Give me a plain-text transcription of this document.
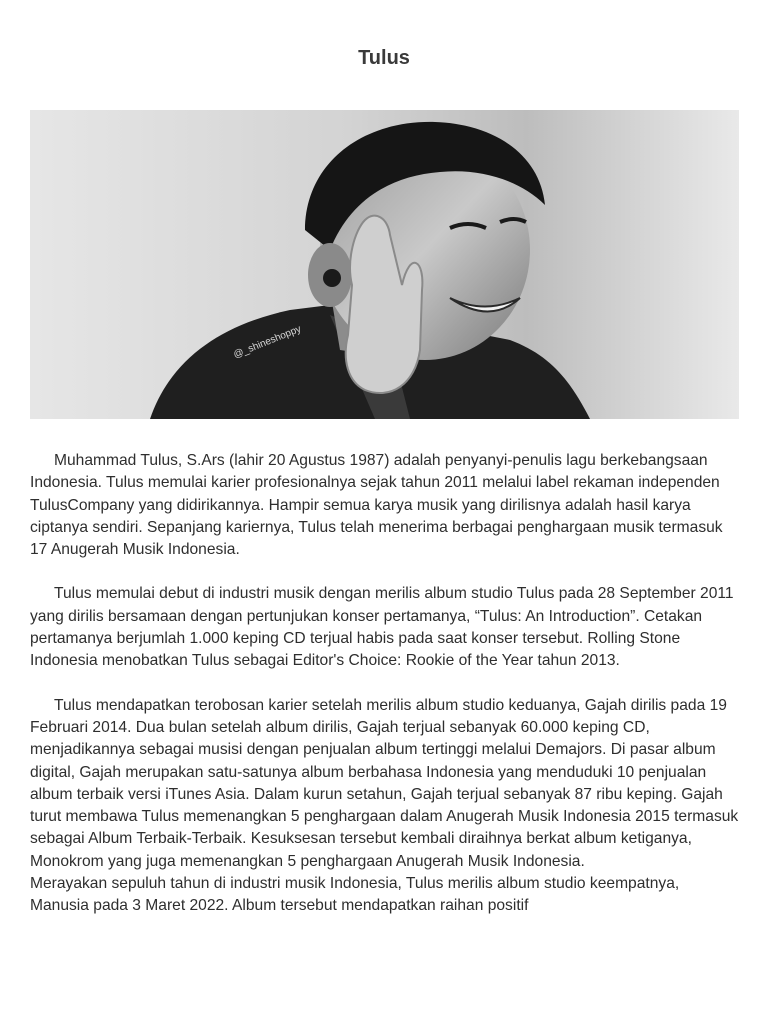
Tulus
@_shineshoppy

Muhammad Tulus, S.Ars (lahir 20 Agustus 1987) adalah penyanyi-penulis lagu berkebangsaan Indonesia. Tulus memulai karier profesionalnya sejak tahun 2011 melalui label rekaman independen TulusCompany yang didirikannya. Hampir semua karya musik yang dirilisnya adalah hasil karya ciptanya sendiri. Sepanjang kariernya, Tulus telah menerima berbagai penghargaan musik termasuk 17 Anugerah Musik Indonesia.

Tulus memulai debut di industri musik dengan merilis album studio Tulus pada 28 September 2011 yang dirilis bersamaan dengan pertunjukan konser pertamanya, “Tulus: An Introduction”. Cetakan pertamanya berjumlah 1.000 keping CD terjual habis pada saat konser tersebut. Rolling Stone Indonesia menobatkan Tulus sebagai Editor's Choice: Rookie of the Year tahun 2013.

Tulus mendapatkan terobosan karier setelah merilis album studio keduanya, Gajah dirilis pada 19 Februari 2014. Dua bulan setelah album dirilis, Gajah terjual sebanyak 60.000 keping CD, menjadikannya sebagai musisi dengan penjualan album tertinggi melalui Demajors. Di pasar album digital, Gajah merupakan satu-satunya album berbahasa Indonesia yang menduduki 10 penjualan album terbaik versi iTunes Asia. Dalam kurun setahun, Gajah terjual sebanyak 87 ribu keping. Gajah turut membawa Tulus memenangkan 5 penghargaan dalam Anugerah Musik Indonesia 2015 termasuk sebagai Album Terbaik-Terbaik. Kesuksesan tersebut kembali diraihnya berkat album ketiganya, Monokrom yang juga memenangkan 5 penghargaan Anugerah Musik Indonesia.

Merayakan sepuluh tahun di industri musik Indonesia, Tulus merilis album studio keempatnya, Manusia pada 3 Maret 2022. Album tersebut mendapatkan raihan positif
